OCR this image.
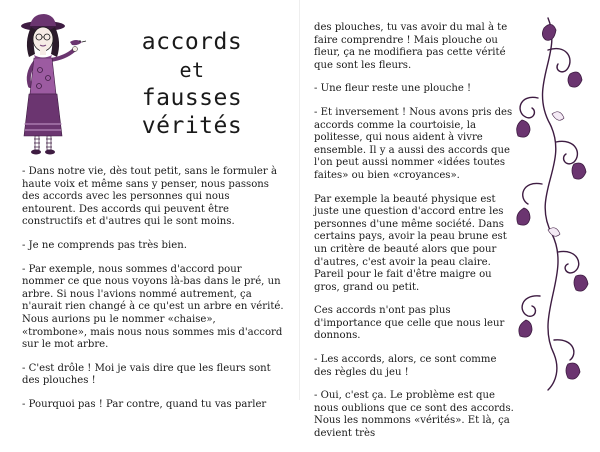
accords
et
fausses vérités

- Dans notre vie, dès tout petit, sans le formuler à haute voix et même sans y penser, nous passons des accords avec les personnes qui nous entourent. Des accords qui peuvent être constructifs et d'autres qui le sont moins.

- Je ne comprends pas très bien.

- Par exemple, nous sommes d'accord pour nommer ce que nous voyons là-bas dans le pré, un arbre. Si nous l'avions nommé autrement, ça n'aurait rien changé à ce qu'est un arbre en vérité. Nous aurions pu le nommer «chaise», «trombone», mais nous nous sommes mis d'accord sur le mot arbre.

- C'est drôle ! Moi je vais dire que les fleurs sont des plouches !

- Pourquoi pas ! Par contre, quand tu vas parler

des plouches, tu vas avoir du mal à te faire comprendre ! Mais plouche ou fleur, ça ne modifiera pas cette vérité que sont les fleurs.

- Une fleur reste une plouche !

- Et inversement ! Nous avons pris des accords comme la courtoisie, la politesse, qui nous aident à vivre ensemble. Il y a aussi des accords que l'on peut aussi nommer «idées toutes faites» ou bien «croyances».

Par exemple la beauté physique est juste une question d'accord entre les personnes d'une même société. Dans certains pays, avoir la peau brune est un critère de beauté alors que pour d'autres, c'est avoir la peau claire. Pareil pour le fait d'être maigre ou gros, grand ou petit.

Ces accords n'ont pas plus d'importance que celle que nous leur donnons.

- Les accords, alors, ce sont comme des règles du jeu !

- Oui, c'est ça. Le problème est que nous oublions que ce sont des accords. Nous les nommons «vérités». Et là, ça devient très
